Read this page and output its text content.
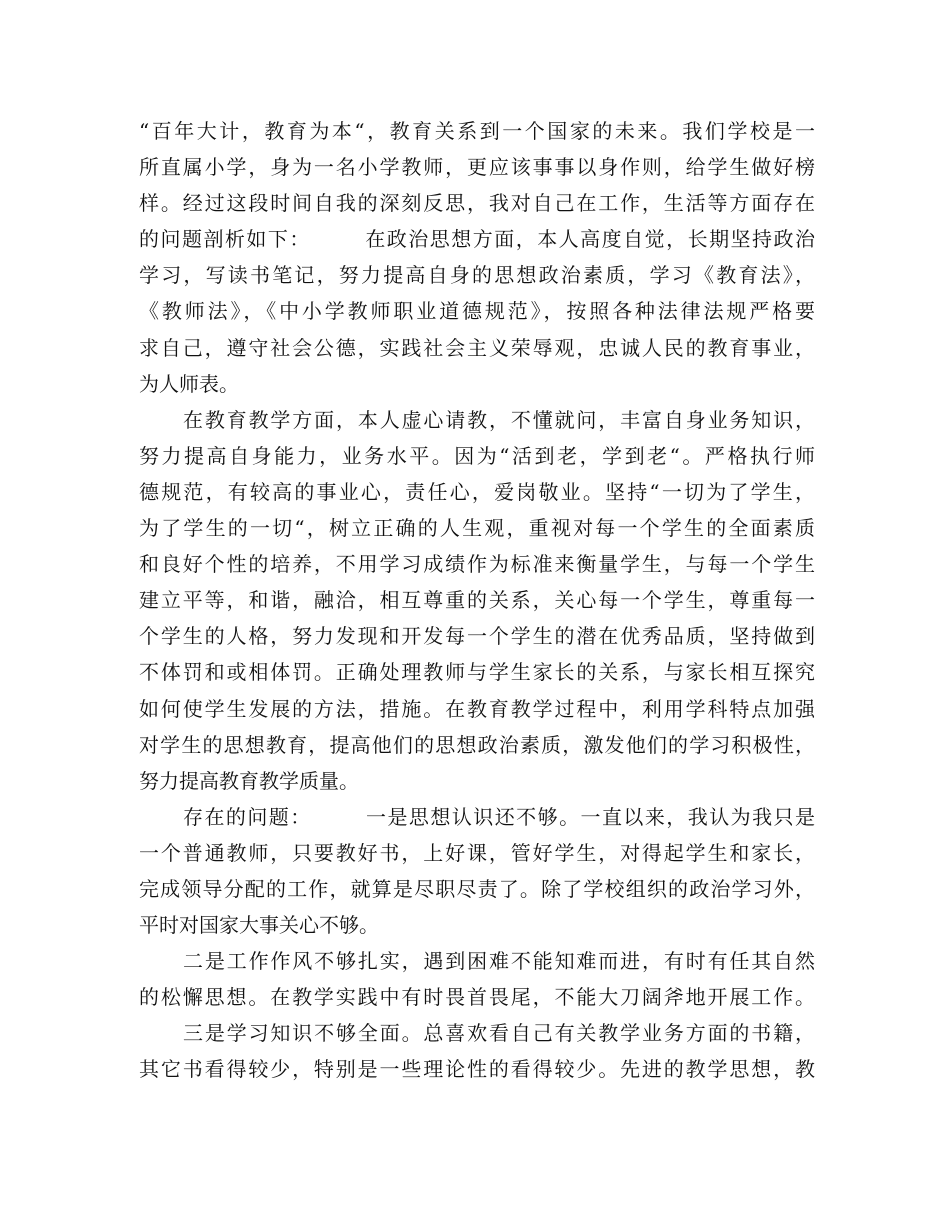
“百年大计，教育为本“，教育关系到一个国家的未来。我们学校是一
所直属小学，身为一名小学教师，更应该事事以身作则，给学生做好榜
样。经过这段时间自我的深刻反思，我对自己在工作，生活等方面存在
的问题剖析如下：　　　在政治思想方面，本人高度自觉，长期坚持政治
学习，写读书笔记，努力提高自身的思想政治素质，学习《教育法》，
《教师法》，《中小学教师职业道德规范》，按照各种法律法规严格要
求自己，遵守社会公德，实践社会主义荣辱观，忠诚人民的教育事业，
为人师表。
在教育教学方面，本人虚心请教，不懂就问，丰富自身业务知识，
努力提高自身能力，业务水平。因为“活到老，学到老“。严格执行师
德规范，有较高的事业心，责任心，爱岗敬业。坚持“一切为了学生，
为了学生的一切“，树立正确的人生观，重视对每一个学生的全面素质
和良好个性的培养，不用学习成绩作为标准来衡量学生，与每一个学生
建立平等，和谐，融洽，相互尊重的关系，关心每一个学生，尊重每一
个学生的人格，努力发现和开发每一个学生的潜在优秀品质，坚持做到
不体罚和或相体罚。正确处理教师与学生家长的关系，与家长相互探究
如何使学生发展的方法，措施。在教育教学过程中，利用学科特点加强
对学生的思想教育，提高他们的思想政治素质，激发他们的学习积极性，
努力提高教育教学质量。
存在的问题：　　　一是思想认识还不够。一直以来，我认为我只是
一个普通教师，只要教好书，上好课，管好学生，对得起学生和家长，
完成领导分配的工作，就算是尽职尽责了。除了学校组织的政治学习外，
平时对国家大事关心不够。
二是工作作风不够扎实，遇到困难不能知难而进，有时有任其自然
的松懈思想。在教学实践中有时畏首畏尾，不能大刀阔斧地开展工作。
三是学习知识不够全面。总喜欢看自己有关教学业务方面的书籍，
其它书看得较少，特别是一些理论性的看得较少。先进的教学思想，教
